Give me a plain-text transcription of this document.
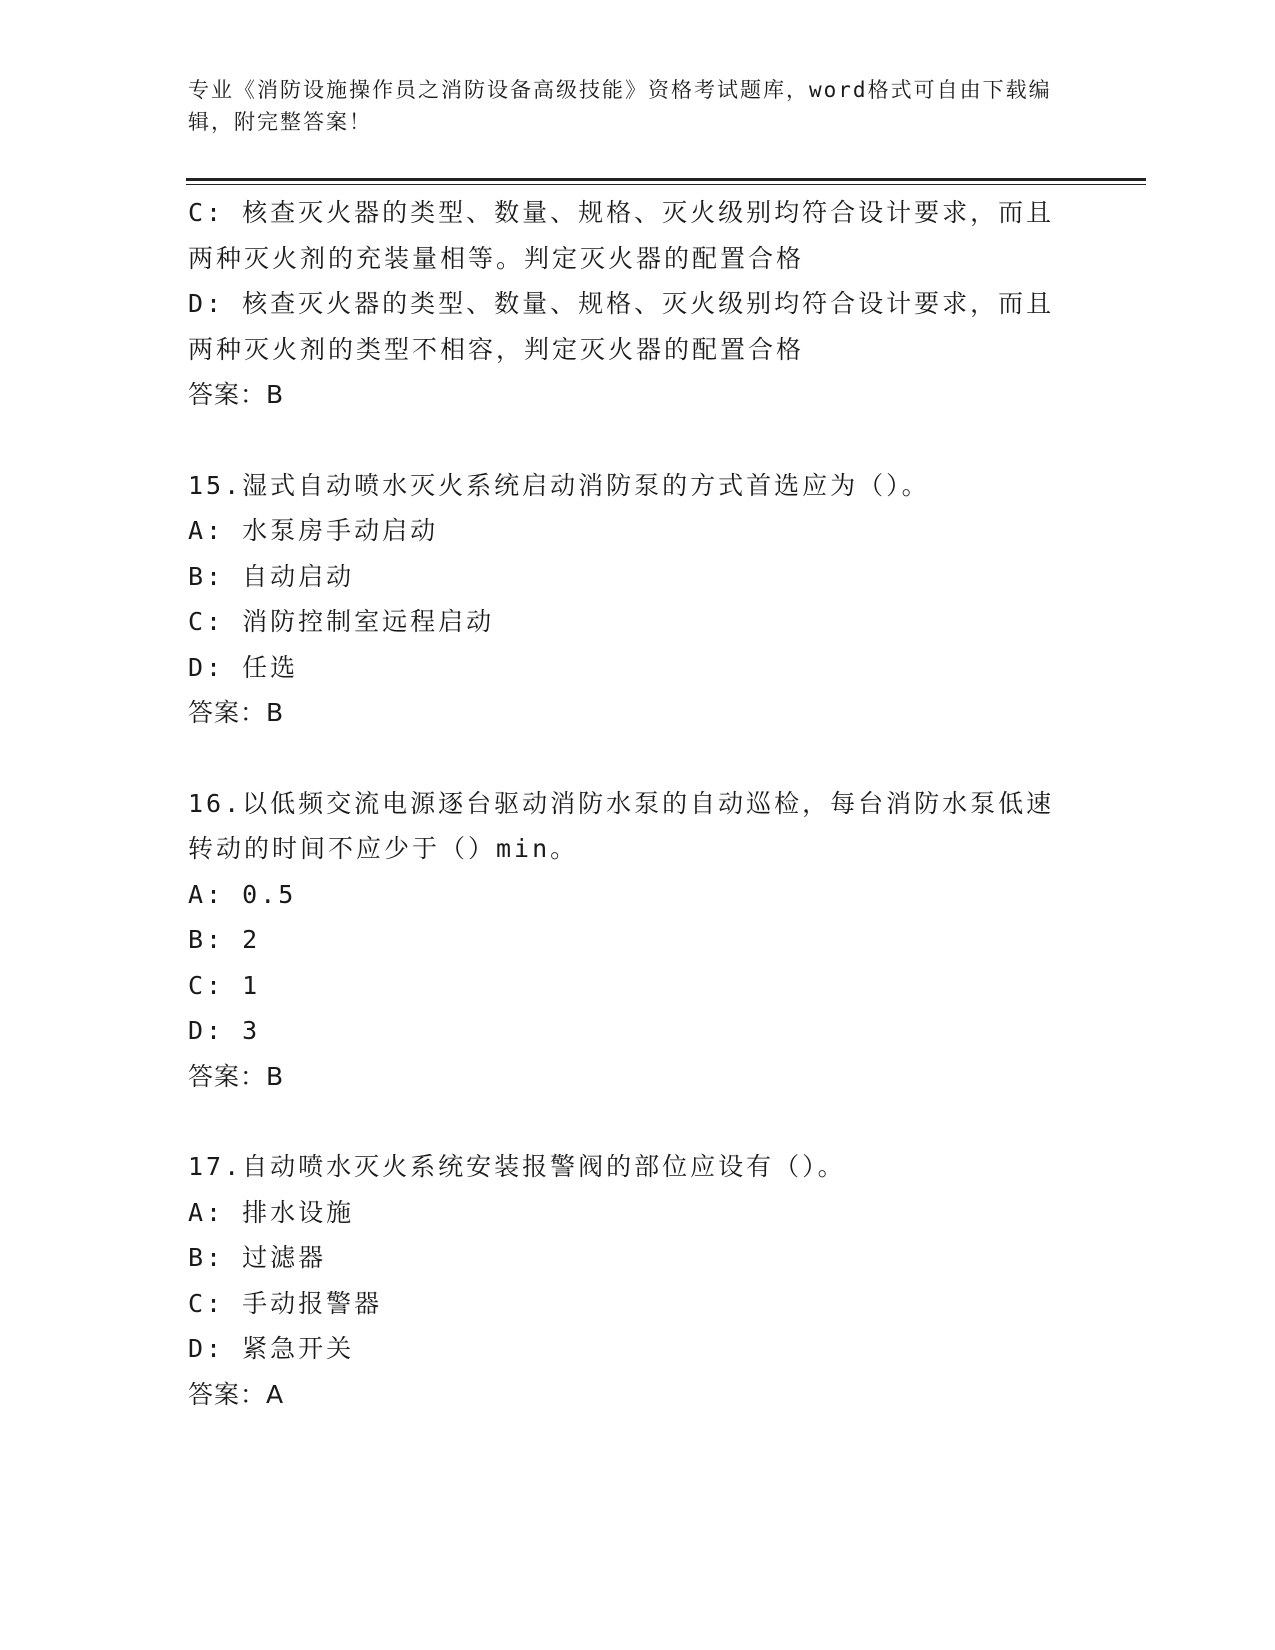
专业《消防设施操作员之消防设备高级技能》资格考试题库，word格式可自由下载编辑，附完整答案！
C: 核查灭火器的类型、数量、规格、灭火级别均符合设计要求，而且
两种灭火剂的充装量相等。判定灭火器的配置合格
D: 核查灭火器的类型、数量、规格、灭火级别均符合设计要求，而且
两种灭火剂的类型不相容，判定灭火器的配置合格
答案：B
15.湿式自动喷水灭火系统启动消防泵的方式首选应为（）。
A: 水泵房手动启动
B: 自动启动
C: 消防控制室远程启动
D: 任选
答案：B
16.以低频交流电源逐台驱动消防水泵的自动巡检，每台消防水泵低速
转动的时间不应少于（）min。
A: 0.5
B: 2
C: 1
D: 3
答案：B
17.自动喷水灭火系统安装报警阀的部位应设有（）。
A: 排水设施
B: 过滤器
C: 手动报警器
D: 紧急开关
答案：A
